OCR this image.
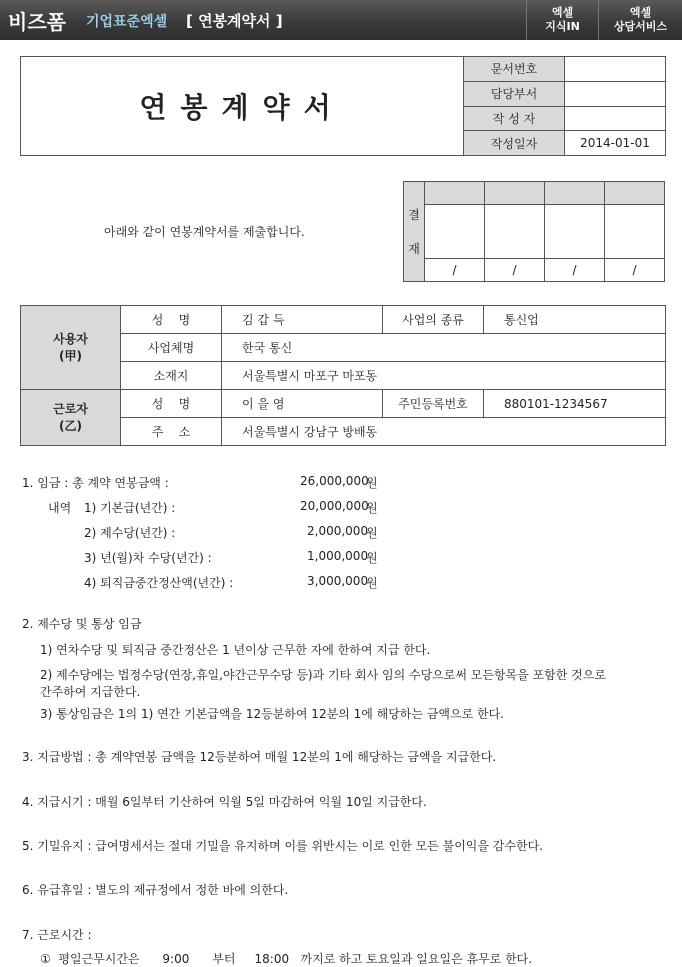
비즈폼 기업표준엑셀 [ 연봉계약서 ]	엑셀
지식IN
엑셀
상담서비스
연봉계약서	문서번호	
	담당부서	
	작 성 자	
	작성일자	2014-01-01
아래와 같이 연봉계약서를 제출합니다.
결
재				

	/	/	/	/
사용자
(甲)	성    명	김 갑 득	사업의 종류	통신업
	사업체명	한국 통신		
	소재지	서울특별시 마포구 마포동		

근로자
(乙)	성    명	이 을 영	주민등록번호	880101-1234567
	주    소	서울특별시 강남구 방배동		
1. 임금 : 총 계약 연봉금액 :	26,000,000
원
내역 1) 기본급(년간) :	20,000,000
원
2) 제수당(년간) :	2,000,000
원
3) 년(월)차 수당(년간) :	1,000,000
원
4) 퇴직금중간정산액(년간) :	3,000,000
원
2. 제수당 및 통상 임금
1) 연차수당 및 퇴직금 중간정산은 1 년이상 근무한 자에 한하여 지급 한다.
2) 제수당에는 법정수당(연장,휴일,야간근무수당 등)과 기타 회사 임의 수당으로써 모든항목을 포함한 것으로
간주하여 지급한다.
3) 통상임금은 1의 1) 연간 기본급액을 12등분하여 12분의 1에 해당하는 금액으로 한다.
3. 지급방법 : 총 계약연봉 금액을 12등분하여 매월 12분의 1에 해당하는 금액을 지급한다.
4. 지급시기 : 매월 6일부터 기산하여 익월 5일 마감하여 익월 10일 지급한다.
5. 기밀유지 : 급여명세서는 절대 기밀을 유지하며 이를 위반시는 이로 인한 모든 불이익을 감수한다.
6. 유급휴일 : 별도의 제규정에서 정한 바에 의한다.
7. 근로시간 :
①  평일근무시간은      9:00      부터     18:00   까지로 하고 토요일과 일요일은 휴무로 한다.
